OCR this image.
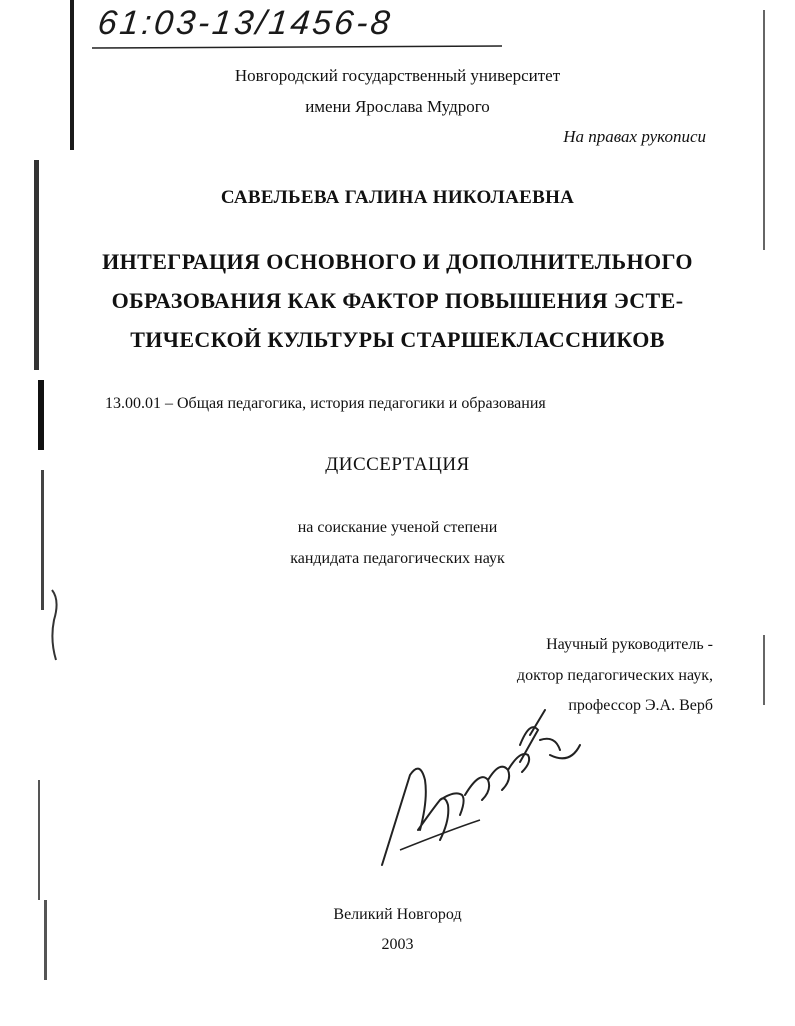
61:03-13/1456-8
Новгородский государственный университет
имени Ярослава Мудрого
На правах рукописи
САВЕЛЬЕВА ГАЛИНА НИКОЛАЕВНА
ИНТЕГРАЦИЯ ОСНОВНОГО И ДОПОЛНИТЕЛЬНОГО
ОБРАЗОВАНИЯ КАК ФАКТОР ПОВЫШЕНИЯ ЭСТЕ-
ТИЧЕСКОЙ КУЛЬТУРЫ СТАРШЕКЛАССНИКОВ
13.00.01 – Общая педагогика, история педагогики и образования
ДИССЕРТАЦИЯ
на соискание ученой степени
кандидата педагогических наук
Научный руководитель -
доктор педагогических наук,
профессор Э.А. Верб
Великий Новгород
2003
